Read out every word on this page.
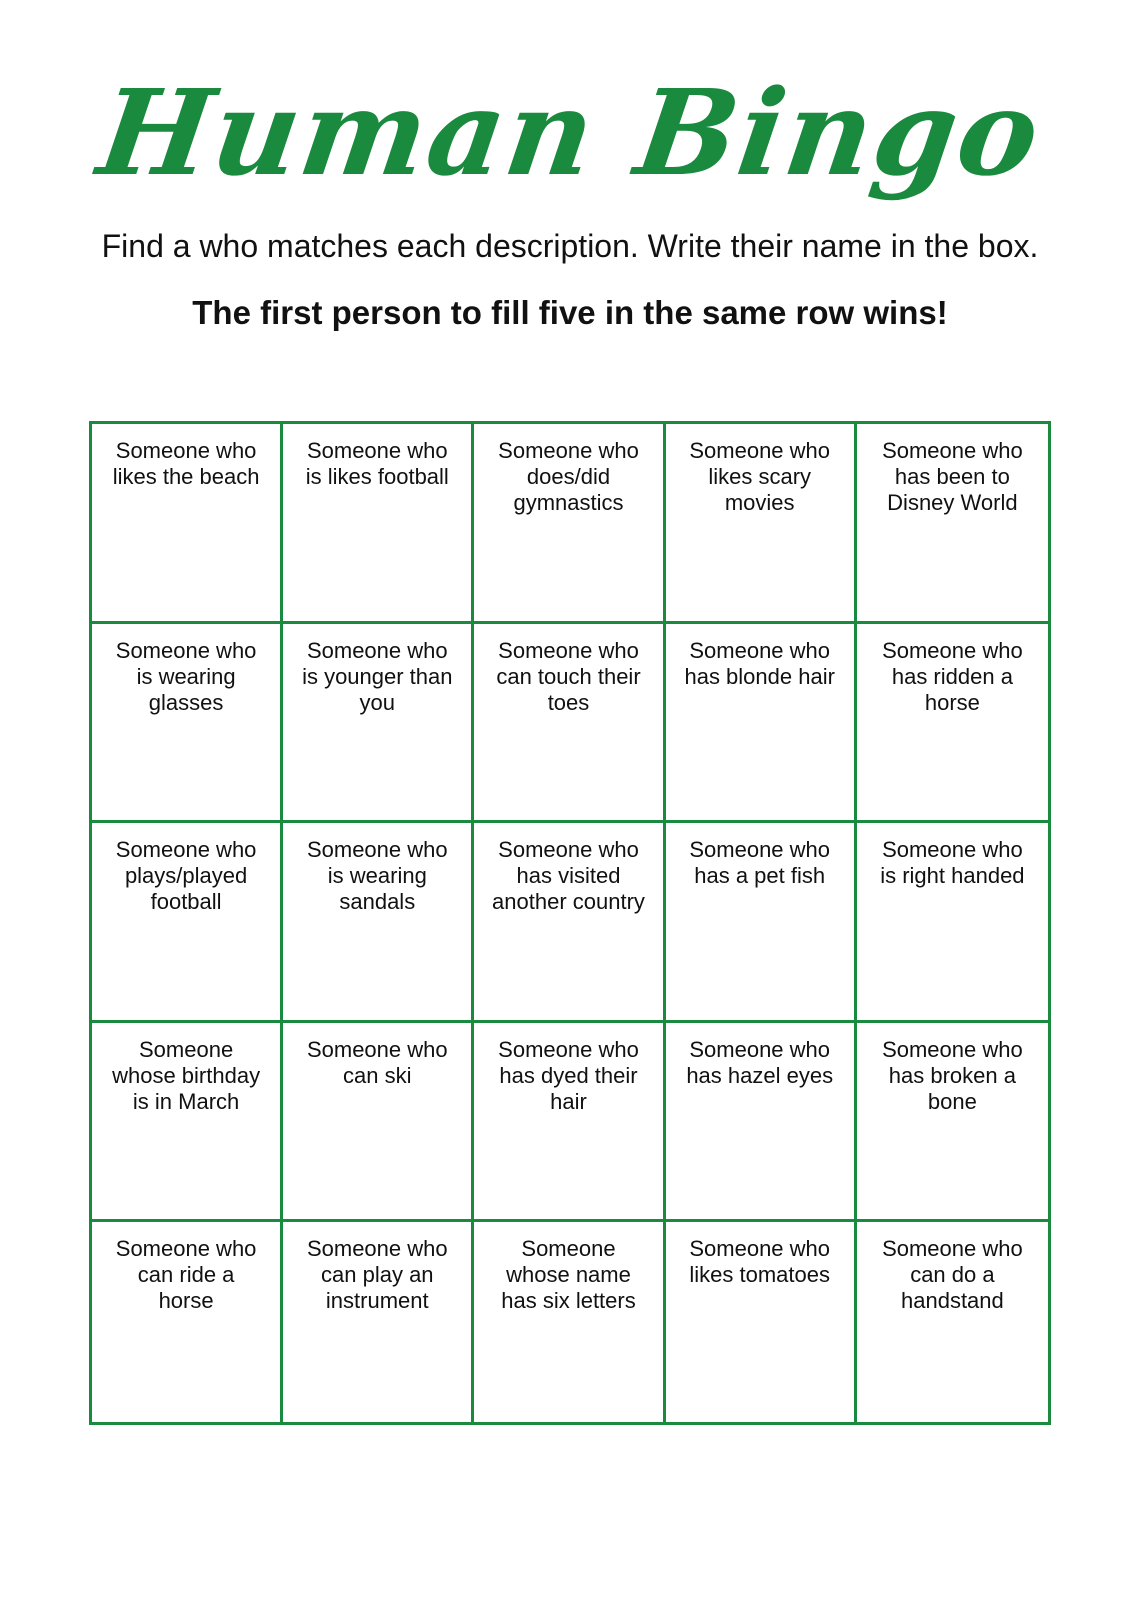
Human Bingo
Find a who matches each description. Write their name in the box.
The first person to fill five in the same row wins!
Someone who
likes the beach
Someone who
is likes football
Someone who
does/did
gymnastics
Someone who
likes scary
movies
Someone who
has been to
Disney World
Someone who
is wearing
glasses
Someone who
is younger than
you
Someone who
can touch their
toes
Someone who
has blonde hair
Someone who
has ridden a
horse
Someone who
plays/played
football
Someone who
is wearing
sandals
Someone who
has visited
another country
Someone who
has a pet fish
Someone who
is right handed
Someone
whose birthday
is in March
Someone who
can ski
Someone who
has dyed their
hair
Someone who
has hazel eyes
Someone who
has broken a
bone
Someone who
can ride a
horse
Someone who
can play an
instrument
Someone
whose name
has six letters
Someone who
likes tomatoes
Someone who
can do a
handstand
